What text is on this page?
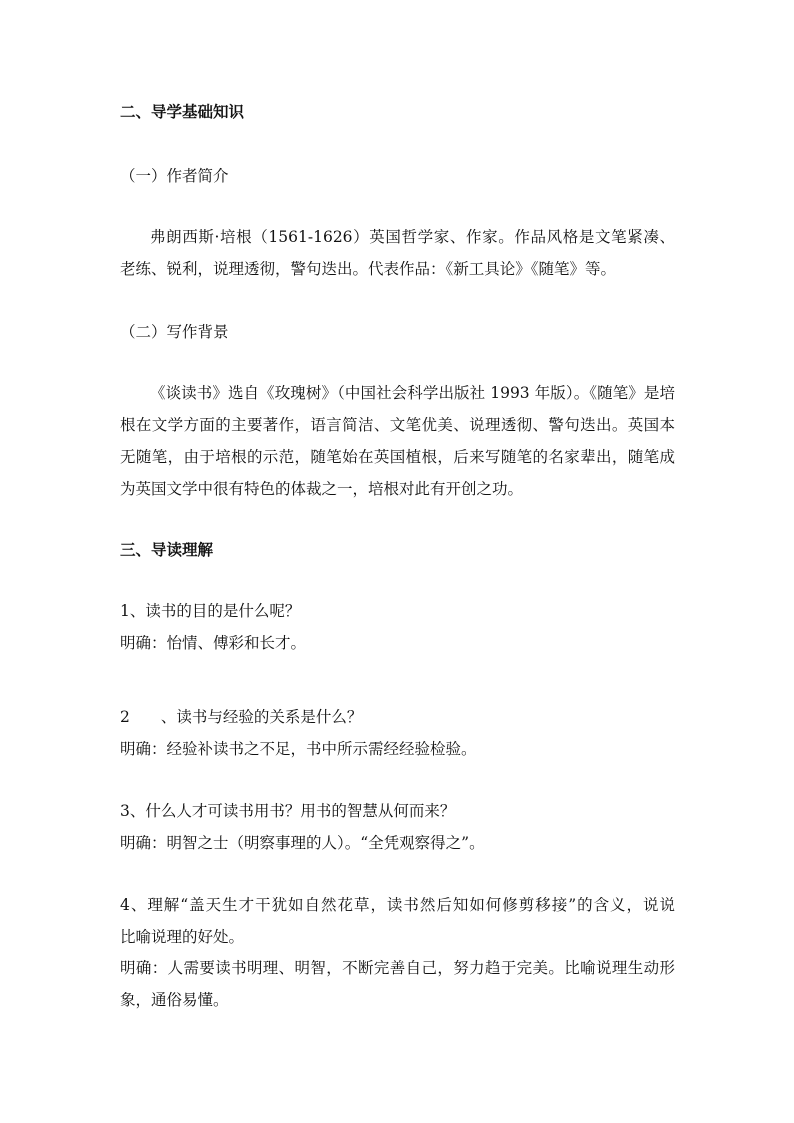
二、导学基础知识
（一）作者简介
弗朗西斯·培根（1561-1626）英国哲学家、作家。作品风格是文笔紧凑、
老练、锐利，说理透彻，警句迭出。代表作品：《新工具论》《随笔》等。
（二）写作背景
《谈读书》选自《玫瑰树》（中国社会科学出版社 1993 年版）。《随笔》是培
根在文学方面的主要著作，语言简洁、文笔优美、说理透彻、警句迭出。英国本
无随笔，由于培根的示范，随笔始在英国植根，后来写随笔的名家辈出，随笔成
为英国文学中很有特色的体裁之一，培根对此有开创之功。
三、导读理解
1、读书的目的是什么呢？
明确：怡情、傅彩和长才。
2　　、读书与经验的关系是什么？
明确：经验补读书之不足，书中所示需经经验检验。
3、什么人才可读书用书？用书的智慧从何而来？
明确：明智之士（明察事理的人）。“全凭观察得之”。
4、理解“盖天生才干犹如自然花草，读书然后知如何修剪移接”的含义，说说
比喻说理的好处。
明确：人需要读书明理、明智，不断完善自己，努力趋于完美。比喻说理生动形
象，通俗易懂。
